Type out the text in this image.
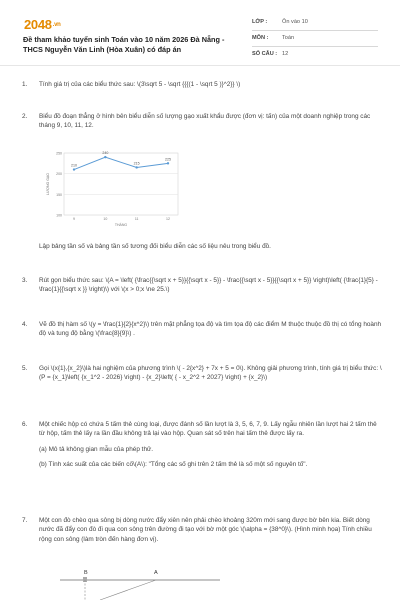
2048.vn
Đề tham khảo tuyển sinh Toán vào 10 năm 2026 Đà Nẵng - THCS Nguyễn Văn Linh (Hòa Xuân) có đáp án
LỚP :	Ôn vào 10
MÔN :	Toán
SỐ CÂU : 12
1.	Tính giá trị của các biểu thức sau: \(3\sqrt 5 - \sqrt {{{(1 - \sqrt 5 )}^2}} \)
2.	Biểu đồ đoạn thẳng ở hình bên biểu diễn số lượng gạo xuất khẩu được (đơn vị: tấn) của một doanh nghiệp trong các tháng 9, 10, 11, 12.
100
150
200
250
9	10	11	12
THÁNG
LƯỢNG GẠO
210
240
215
225
Lập bảng tần số và bảng tần số tương đối biểu diễn các số liệu nêu trong biểu đồ.
3.	Rút gọn biểu thức sau: \(A = \left( {\frac{{\sqrt x + 5}}{{\sqrt x - 5}} - \frac{{\sqrt x - 5}}{{\sqrt x + 5}} \right)\left( {\frac{1}{5} - \frac{1}{{\sqrt x }} \right)\) với \(x > 0;x \ne 25.\)
4.	Vẽ đồ thị hàm số \(y = \frac{1}{2}{x^2}\) trên mặt phẳng tọa độ và tìm tọa độ các điểm M thuộc thuộc đồ thị có tổng hoành độ và tung độ bằng \(\frac{8}{9}\) .
5.	Gọi \(x{1},{x_2}\)là hai nghiệm của phương trình \( - 2{x^2} + 7x + 5 = 0\). Không giải phương trình, tính giá trị biểu thức: \(P = {x_1}\left( {x_1^2 - 2026} \right) - {x_2}\left( { - x_2^2 + 2027} \right) + {x_2}\)
6.	Một chiếc hộp có chứa 5 tấm thẻ cùng loại, được đánh số lần lượt là 3, 5, 6, 7, 9. Lấy ngẫu nhiên lần lượt hai 2 tấm thẻ từ hộp, tấm thẻ lấy ra lần đầu không trả lại vào hộp. Quan sát số trên hai tấm thẻ được lấy ra.
(a) Mô tả không gian mẫu của phép thử.
(b) Tính xác suất của các biến cố\(A\): "Tổng các số ghi trên 2 tấm thẻ là số một số nguyên tố".
7.	Một con đò chèo qua sông bị dòng nước đẩy xiên nên phải chèo khoảng 320m mới sang được bờ bên kia. Biết dòng nước đã đẩy con đò đi qua con sông trên đường đi tạo với bờ một góc \(\alpha = {38^0}\). (Hình minh họa) Tính chiều rộng con sông (làm tròn đến hàng đơn vị).
B	A
